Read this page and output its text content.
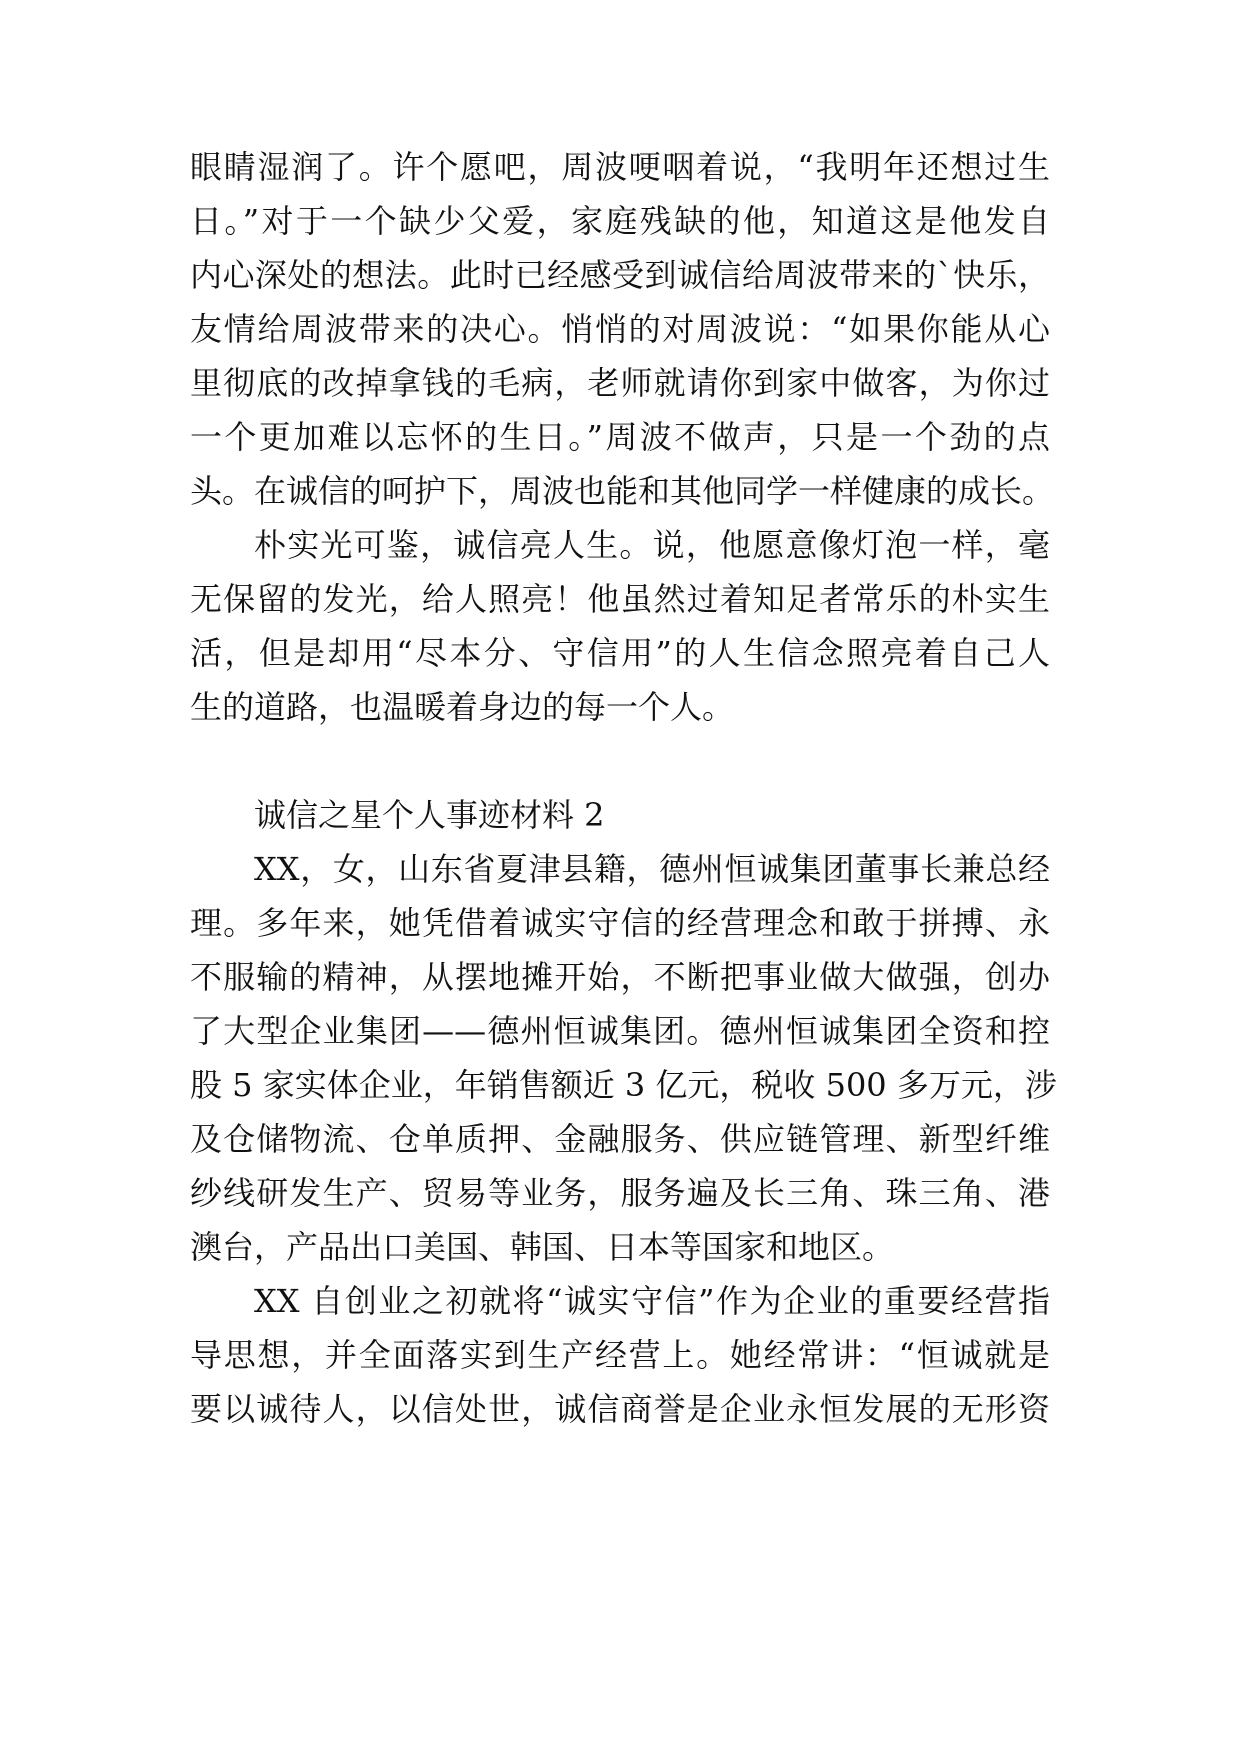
眼睛湿润了。许个愿吧，周波哽咽着说，“我明年还想过生
日。”对于一个缺少父爱，家庭残缺的他，知道这是他发自
内心深处的想法。此时已经感受到诚信给周波带来的`快乐，
友情给周波带来的决心。悄悄的对周波说：“如果你能从心
里彻底的改掉拿钱的毛病，老师就请你到家中做客，为你过
一个更加难以忘怀的生日。”周波不做声，只是一个劲的点
头。在诚信的呵护下，周波也能和其他同学一样健康的成长。
朴实光可鉴，诚信亮人生。说，他愿意像灯泡一样，毫
无保留的发光，给人照亮！他虽然过着知足者常乐的朴实生
活，但是却用“尽本分、守信用”的人生信念照亮着自己人
生的道路，也温暖着身边的每一个人。
诚信之星个人事迹材料 2
XX，女，山东省夏津县籍，德州恒诚集团董事长兼总经
理。多年来，她凭借着诚实守信的经营理念和敢于拼搏、永
不服输的精神，从摆地摊开始，不断把事业做大做强，创办
了大型企业集团——德州恒诚集团。德州恒诚集团全资和控
股 5 家实体企业，年销售额近 3 亿元，税收 500 多万元，涉
及仓储物流、仓单质押、金融服务、供应链管理、新型纤维
纱线研发生产、贸易等业务，服务遍及长三角、珠三角、港
澳台，产品出口美国、韩国、日本等国家和地区。
XX 自创业之初就将“诚实守信”作为企业的重要经营指
导思想，并全面落实到生产经营上。她经常讲：“恒诚就是
要以诚待人，以信处世，诚信商誉是企业永恒发展的无形资
